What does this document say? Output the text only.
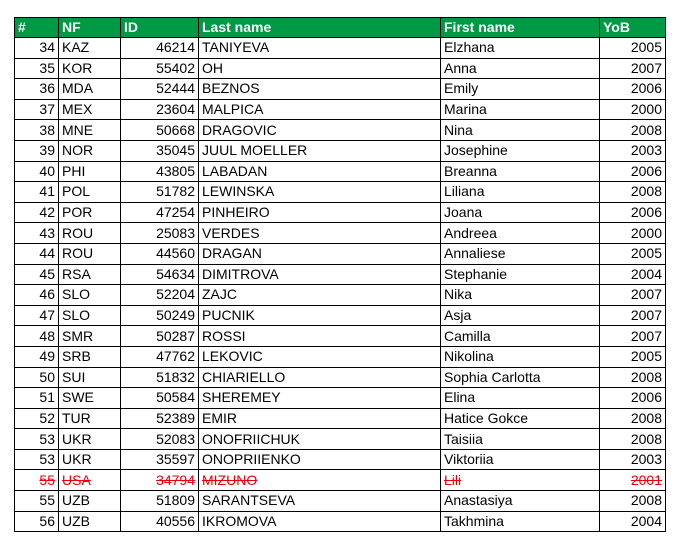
#	NF	ID	Last name	First name	YoB
34	KAZ	46214	TANIYEVA	Elzhana	2005
35	KOR	55402	OH	Anna	2007
36	MDA	52444	BEZNOS	Emily	2006
37	MEX	23604	MALPICA	Marina	2000
38	MNE	50668	DRAGOVIC	Nina	2008
39	NOR	35045	JUUL MOELLER	Josephine	2003
40	PHI	43805	LABADAN	Breanna	2006
41	POL	51782	LEWINSKA	Liliana	2008
42	POR	47254	PINHEIRO	Joana	2006
43	ROU	25083	VERDES	Andreea	2000
44	ROU	44560	DRAGAN	Annaliese	2005
45	RSA	54634	DIMITROVA	Stephanie	2004
46	SLO	52204	ZAJC	Nika	2007
47	SLO	50249	PUCNIK	Asja	2007
48	SMR	50287	ROSSI	Camilla	2007
49	SRB	47762	LEKOVIC	Nikolina	2005
50	SUI	51832	CHIARIELLO	Sophia Carlotta	2008
51	SWE	50584	SHEREMEY	Elina	2006
52	TUR	52389	EMIR	Hatice Gokce	2008
53	UKR	52083	ONOFRIICHUK	Taisiia	2008
53	UKR	35597	ONOPRIIENKO	Viktoriia	2003
55	USA	34794	MIZUNO	Lili	2001
55	UZB	51809	SARANTSEVA	Anastasiya	2008
56	UZB	40556	IKROMOVA	Takhmina	2004
